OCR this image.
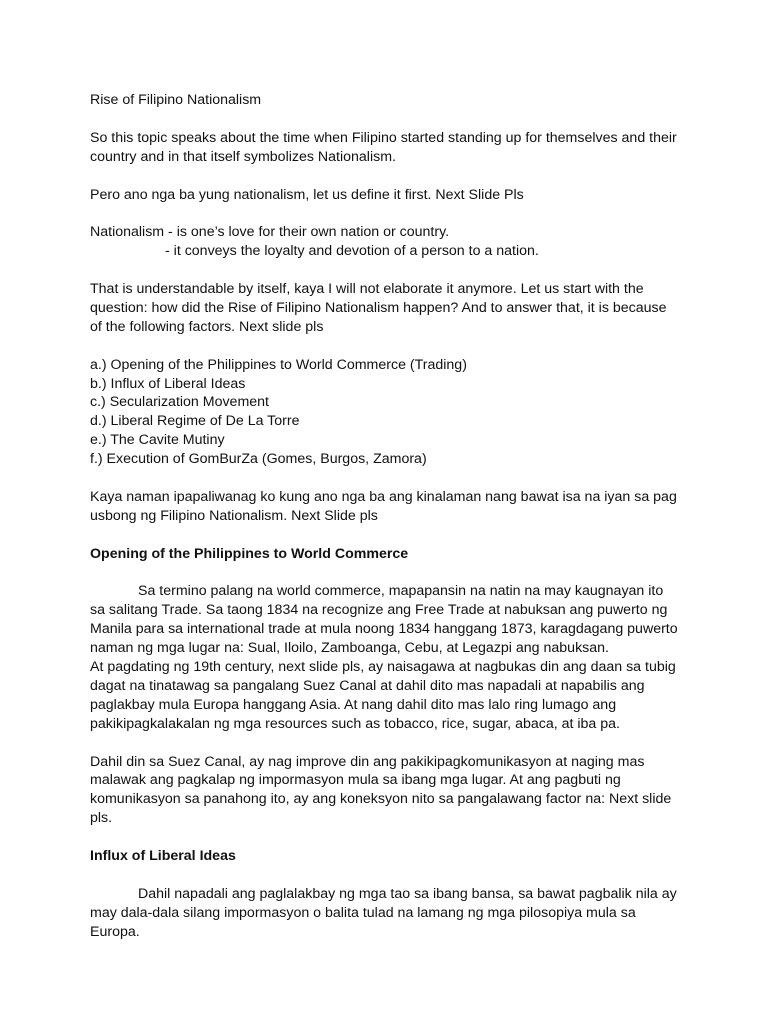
Rise of Filipino Nationalism

So this topic speaks about the time when Filipino started standing up for themselves and their country and in that itself symbolizes Nationalism.

Pero ano nga ba yung nationalism, let us define it first. Next Slide Pls

Nationalism - is one’s love for their own nation or country.

- it conveys the loyalty and devotion of a person to a nation.

That is understandable by itself, kaya I will not elaborate it anymore. Let us start with the question: how did the Rise of Filipino Nationalism happen? And to answer that, it is because of the following factors. Next slide pls

a.) Opening of the Philippines to World Commerce (Trading)

b.) Influx of Liberal Ideas

c.) Secularization Movement

d.) Liberal Regime of De La Torre

e.) The Cavite Mutiny

f.) Execution of GomBurZa (Gomes, Burgos, Zamora)

Kaya naman ipapaliwanag ko kung ano nga ba ang kinalaman nang bawat isa na iyan sa pag usbong ng Filipino Nationalism. Next Slide pls

Opening of the Philippines to World Commerce

Sa termino palang na world commerce, mapapansin na natin na may kaugnayan ito sa salitang Trade. Sa taong 1834 na recognize ang Free Trade at nabuksan ang puwerto ng Manila para sa international trade at mula noong 1834 hanggang 1873, karagdagang puwerto naman ng mga lugar na: Sual, Iloilo, Zamboanga, Cebu, at Legazpi ang nabuksan.

At pagdating ng 19th century, next slide pls, ay naisagawa at nagbukas din ang daan sa tubig dagat na tinatawag sa pangalang Suez Canal at dahil dito mas napadali at napabilis ang paglakbay mula Europa hanggang Asia. At nang dahil dito mas lalo ring lumago ang pakikipagkalakalan ng mga resources such as tobacco, rice, sugar, abaca, at iba pa.

Dahil din sa Suez Canal, ay nag improve din ang pakikipagkomunikasyon at naging mas malawak ang pagkalap ng impormasyon mula sa ibang mga lugar. At ang pagbuti ng komunikasyon sa panahong ito, ay ang koneksyon nito sa pangalawang factor na: Next slide pls.

Influx of Liberal Ideas

Dahil napadali ang paglalakbay ng mga tao sa ibang bansa, sa bawat pagbalik nila ay may dala-dala silang impormasyon o balita tulad na lamang ng mga pilosopiya mula sa Europa.
